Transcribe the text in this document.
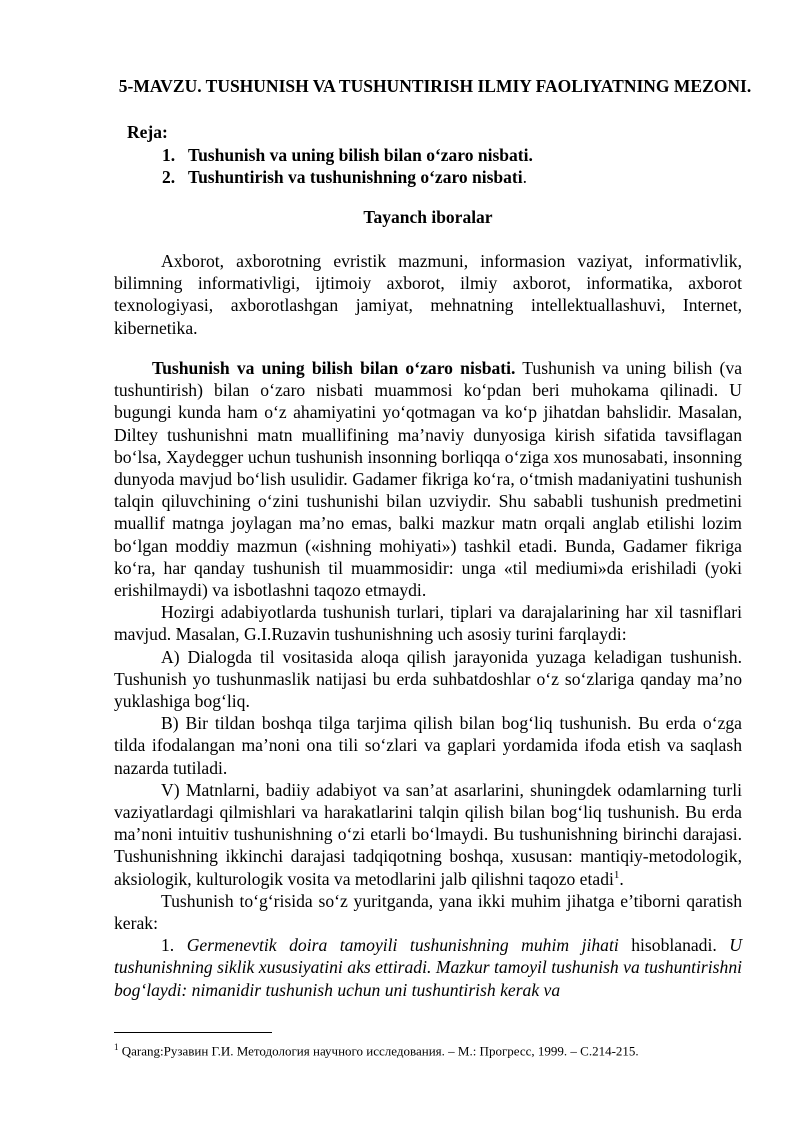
5-MAVZU. TUSHUNISH VA TUSHUNTIRISH ILMIY FAOLIYATNING MEZONI.
Reja:
1. Tushunish va uning bilish bilan o‘zaro nisbati.
2. Tushuntirish va tushunishning o‘zaro nisbati.
Tayanch iboralar

Axborot, axborotning evristik mazmuni, informasion vaziyat, informativlik, bilimning informativligi, ijtimoiy axborot, ilmiy axborot, informatika, axborot texnologiyasi, axborotlashgan jamiyat, mehnatning intellektuallashuvi, Internet, kibernetika.

Tushunish va uning bilish bilan o‘zaro nisbati. Tushunish va uning bilish (va tushuntirish) bilan o‘zaro nisbati muammosi ko‘pdan beri muhokama qilinadi. U bugungi kunda ham o‘z ahamiyatini yo‘qotmagan va ko‘p jihatdan bahslidir. Masalan, Diltey tushunishni matn muallifining ma’naviy dunyosiga kirish sifatida tavsiflagan bo‘lsa, Xaydegger uchun tushunish insonning borliqqa o‘ziga xos munosabati, insonning dunyoda mavjud bo‘lish usulidir. Gadamer fikriga ko‘ra, o‘tmish madaniyatini tushunish talqin qiluvchining o‘zini tushunishi bilan uzviydir. Shu sababli tushunish predmetini muallif matnga joylagan ma’no emas, balki mazkur matn orqali anglab etilishi lozim bo‘lgan moddiy mazmun («ishning mohiyati») tashkil etadi. Bunda, Gadamer fikriga ko‘ra, har qanday tushunish til muammosidir: unga «til mediumi»da erishiladi (yoki erishilmaydi) va isbotlashni taqozo etmaydi.

Hozirgi adabiyotlarda tushunish turlari, tiplari va darajalarining har xil tasniflari mavjud. Masalan, G.I.Ruzavin tushunishning uch asosiy turini farqlaydi:

A) Dialogda til vositasida aloqa qilish jarayonida yuzaga keladigan tushunish. Tushunish yo tushunmaslik natijasi bu erda suhbatdoshlar o‘z so‘zlariga qanday ma’no yuklashiga bog‘liq.

B) Bir tildan boshqa tilga tarjima qilish bilan bog‘liq tushunish. Bu erda o‘zga tilda ifodalangan ma’noni ona tili so‘zlari va gaplari yordamida ifoda etish va saqlash nazarda tutiladi.

V) Matnlarni, badiiy adabiyot va san’at asarlarini, shuningdek odamlarning turli vaziyatlardagi qilmishlari va harakatlarini talqin qilish bilan bog‘liq tushunish. Bu erda ma’noni intuitiv tushunishning o‘zi etarli bo‘lmaydi. Bu tushunishning birinchi darajasi. Tushunishning ikkinchi darajasi tadqiqotning boshqa, xususan: mantiqiy-metodologik, aksiologik, kulturologik vosita va metodlarini jalb qilishni taqozo etadi$^1$.

Tushunish to‘g‘risida so‘z yuritganda, yana ikki muhim jihatga e’tiborni qaratish kerak:

1. Germenevtik doira tamoyili tushunishning muhim jihati hisoblanadi. U tushunishning siklik xususiyatini aks ettiradi. Mazkur tamoyil tushunish va tushuntirishni bog‘laydi: nimanidir tushunish uchun uni tushuntirish kerak va

$^1$ Qarang:Рузавин Г.И. Методология научного исследования. – М.: Прогресс, 1999. – С.214-215.
